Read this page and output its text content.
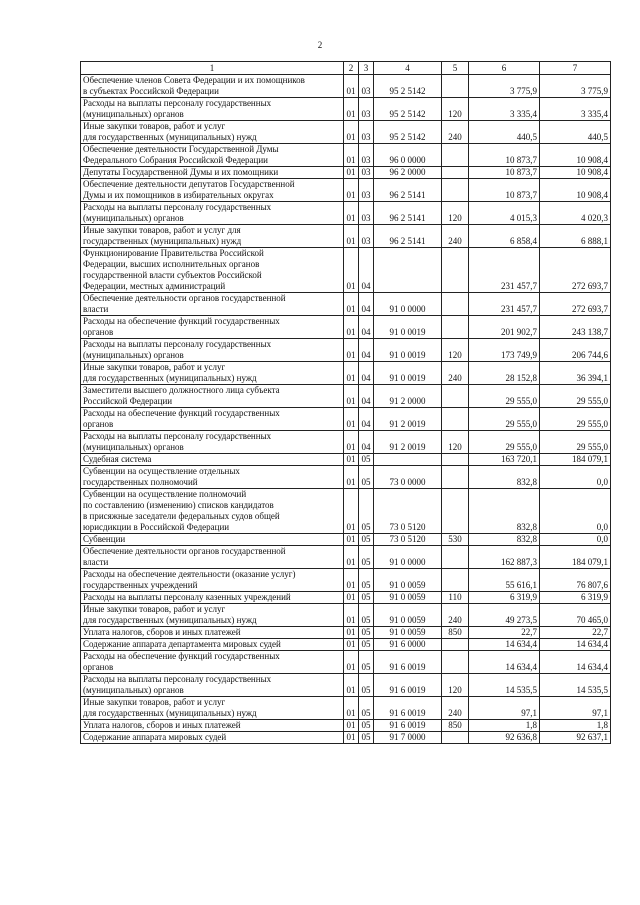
2
1	2	3	4	5	6	7
Обеспечение членов Совета Федерации и их помощников
в субъектах Российской Федерации	01	03	95 2 5142		3 775,9	3 775,9
Расходы на выплаты персоналу государственных
(муниципальных) органов	01	03	95 2 5142	120	3 335,4	3 335,4
Иные закупки товаров, работ и услуг
для государственных (муниципальных) нужд	01	03	95 2 5142	240	440,5	440,5
Обеспечение деятельности Государственной Думы
Федерального Собрания Российской Федерации	01	03	96 0 0000		10 873,7	10 908,4
Депутаты Государственной Думы и их помощники	01	03	96 2 0000		10 873,7	10 908,4
Обеспечение деятельности депутатов Государственной
Думы и их помощников в избирательных округах	01	03	96 2 5141		10 873,7	10 908,4
Расходы на выплаты персоналу государственных
(муниципальных) органов	01	03	96 2 5141	120	4 015,3	4 020,3
Иные закупки товаров, работ и услуг для
государственных (муниципальных) нужд	01	03	96 2 5141	240	6 858,4	6 888,1
Функционирование Правительства Российской
Федерации, высших исполнительных органов
государственной власти субъектов Российской
Федерации, местных администраций	01	04			231 457,7	272 693,7
Обеспечение деятельности органов государственной
власти	01	04	91 0 0000		231 457,7	272 693,7
Расходы на обеспечение функций государственных
органов	01	04	91 0 0019		201 902,7	243 138,7
Расходы на выплаты персоналу государственных
(муниципальных) органов	01	04	91 0 0019	120	173 749,9	206 744,6
Иные закупки товаров, работ и услуг
для государственных (муниципальных) нужд	01	04	91 0 0019	240	28 152,8	36 394,1
Заместители высшего должностного лица субъекта
Российской Федерации	01	04	91 2 0000		29 555,0	29 555,0
Расходы на обеспечение функций государственных
органов	01	04	91 2 0019		29 555,0	29 555,0
Расходы на выплаты персоналу государственных
(муниципальных) органов	01	04	91 2 0019	120	29 555,0	29 555,0
Судебная система	01	05			163 720,1	184 079,1
Субвенции на осуществление отдельных
государственных полномочий	01	05	73 0 0000		832,8	0,0
Субвенции на осуществление полномочий
по составлению (изменению) списков кандидатов
в присяжные заседатели федеральных судов общей
юрисдикции в Российской Федерации	01	05	73 0 5120		832,8	0,0
Субвенции	01	05	73 0 5120	530	832,8	0,0
Обеспечение деятельности органов государственной
власти	01	05	91 0 0000		162 887,3	184 079,1
Расходы на обеспечение деятельности (оказание услуг)
государственных учреждений	01	05	91 0 0059		55 616,1	76 807,6
Расходы на выплаты персоналу казенных учреждений	01	05	91 0 0059	110	6 319,9	6 319,9
Иные закупки товаров, работ и услуг
для государственных (муниципальных) нужд	01	05	91 0 0059	240	49 273,5	70 465,0
Уплата налогов, сборов и иных платежей	01	05	91 0 0059	850	22,7	22,7
Содержание аппарата департамента мировых судей	01	05	91 6 0000		14 634,4	14 634,4
Расходы на обеспечение функций государственных
органов	01	05	91 6 0019		14 634,4	14 634,4
Расходы на выплаты персоналу государственных
(муниципальных) органов	01	05	91 6 0019	120	14 535,5	14 535,5
Иные закупки товаров, работ и услуг
для государственных (муниципальных) нужд	01	05	91 6 0019	240	97,1	97,1
Уплата налогов, сборов и иных платежей	01	05	91 6 0019	850	1,8	1,8
Содержание аппарата мировых судей	01	05	91 7 0000		92 636,8	92 637,1
